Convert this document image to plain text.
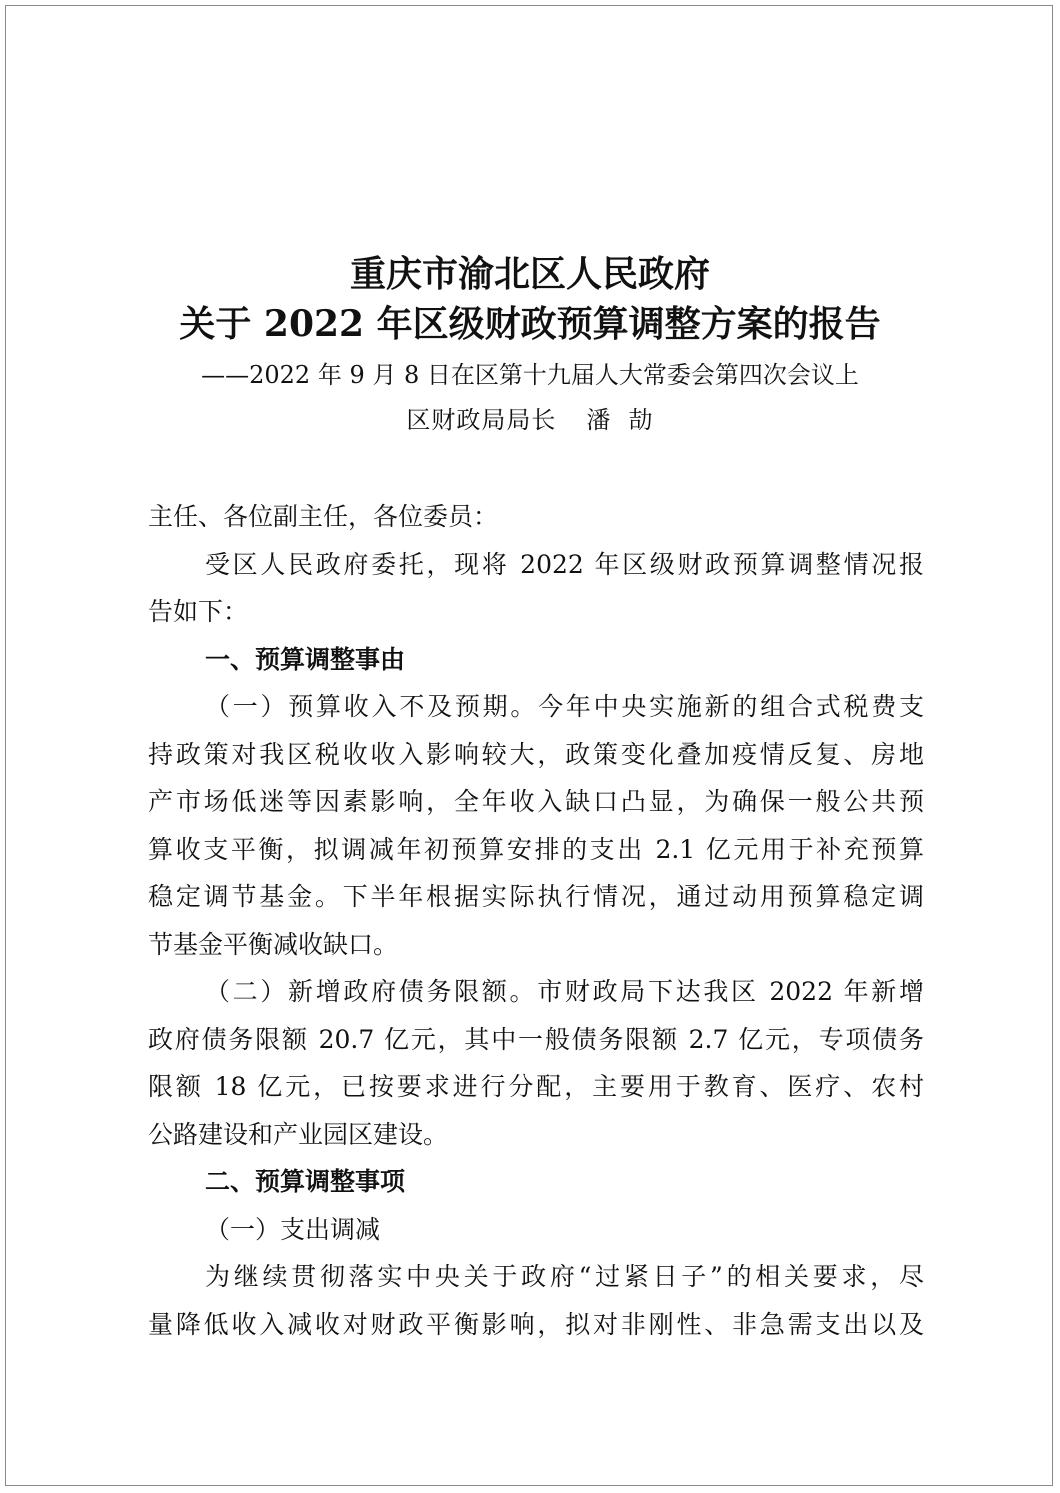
重庆市渝北区人民政府
关于 2022 年区级财政预算调整方案的报告
——2022 年 9 月 8 日在区第十九届人大常委会第四次会议上
区财政局局长 潘  劼
主任、各位副主任，各位委员：
受区人民政府委托，现将 2022 年区级财政预算调整情况报
告如下：
一、预算调整事由
（一）预算收入不及预期。今年中央实施新的组合式税费支
持政策对我区税收收入影响较大，政策变化叠加疫情反复、房地
产市场低迷等因素影响，全年收入缺口凸显，为确保一般公共预
算收支平衡，拟调减年初预算安排的支出 2.1 亿元用于补充预算
稳定调节基金。下半年根据实际执行情况，通过动用预算稳定调
节基金平衡减收缺口。
（二）新增政府债务限额。市财政局下达我区 2022 年新增
政府债务限额 20.7 亿元，其中一般债务限额 2.7 亿元，专项债务
限额 18 亿元，已按要求进行分配，主要用于教育、医疗、农村
公路建设和产业园区建设。
二、预算调整事项
（一）支出调减
为继续贯彻落实中央关于政府“过紧日子”的相关要求，尽
量降低收入减收对财政平衡影响，拟对非刚性、非急需支出以及
